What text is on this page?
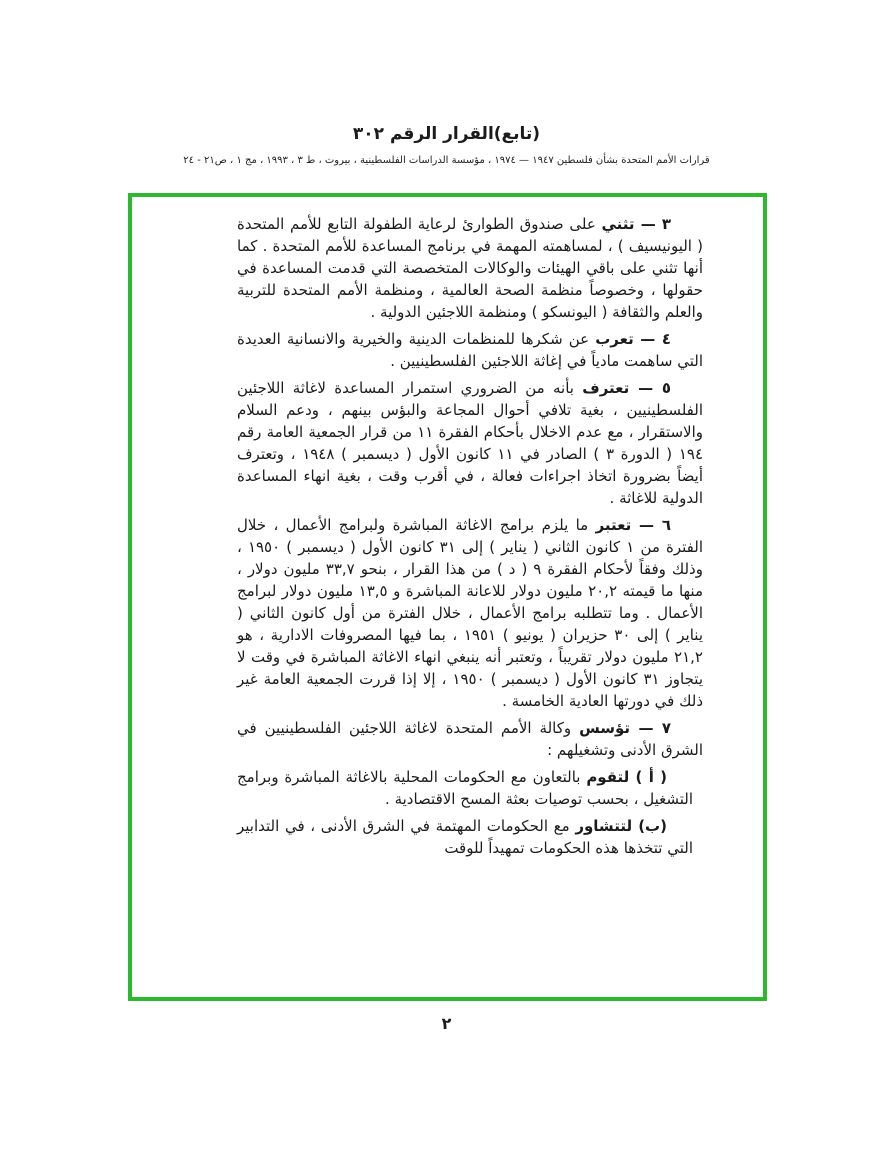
(تابع)القرار الرقم ٣٠٢
قرارات الأمم المتحدة بشأن فلسطين ١٩٤٧ — ١٩٧٤ ، مؤسسة الدراسات الفلسطينية ، بيروت ، ط ٣ ، ١٩٩٣ ، مج ١ ، ص٢١ - ٢٤

٣ — تثني على صندوق الطوارئ لرعاية الطفولة التابع للأمم المتحدة ( اليونيسيف ) ، لمساهمته المهمة في برنامج المساعدة للأمم المتحدة . كما أنها تثني على باقي الهيئات والوكالات المتخصصة التي قدمت المساعدة في حقولها ، وخصوصاً منظمة الصحة العالمية ، ومنظمة الأمم المتحدة للتربية والعلم والثقافة ( اليونسكو ) ومنظمة اللاجئين الدولية .

٤ — تعرب عن شكرها للمنظمات الدينية والخيرية والانسانية العديدة التي ساهمت مادياً في إغاثة اللاجئين الفلسطينيين .

٥ — تعترف بأنه من الضروري استمرار المساعدة لاغاثة اللاجئين الفلسطينيين ، بغية تلافي أحوال المجاعة والبؤس بينهم ، ودعم السلام والاستقرار ، مع عدم الاخلال بأحكام الفقرة ١١ من قرار الجمعية العامة رقم ١٩٤ ( الدورة ٣ ) الصادر في ١١ كانون الأول ( ديسمبر ) ١٩٤٨ ، وتعترف أيضاً بضرورة اتخاذ اجراءات فعالة ، في أقرب وقت ، بغية انهاء المساعدة الدولية للاغاثة .

٦ — تعتبر ما يلزم برامج الاغاثة المباشرة ولبرامج الأعمال ، خلال الفترة من ١ كانون الثاني ( يناير ) إلى ٣١ كانون الأول ( ديسمبر ) ١٩٥٠ ، وذلك وفقاً لأحكام الفقرة ٩ ( د ) من هذا القرار ، بنحو ٣٣,٧ مليون دولار ، منها ما قيمته ٢٠,٢ مليون دولار للاعانة المباشرة و ١٣,٥ مليون دولار لبرامج الأعمال . وما تتطلبه برامج الأعمال ، خلال الفترة من أول كانون الثاني ( يناير ) إلى ٣٠ حزيران ( يونيو ) ١٩٥١ ، بما فيها المصروفات الادارية ، هو ٢١,٢ مليون دولار تقريباً ، وتعتبر أنه ينبغي انهاء الاغاثة المباشرة في وقت لا يتجاوز ٣١ كانون الأول ( ديسمبر ) ١٩٥٠ ، إلا إذا قررت الجمعية العامة غير ذلك في دورتها العادية الخامسة .

٧ — تؤسس وكالة الأمم المتحدة لاغاثة اللاجئين الفلسطينيين في الشرق الأدنى وتشغيلهم :

( أ ) لتقوم بالتعاون مع الحكومات المحلية بالاغاثة المباشرة وبرامج التشغيل ، بحسب توصيات بعثة المسح الاقتصادية .

(ب) لتتشاور مع الحكومات المهتمة في الشرق الأدنى ، في التدابير التي تتخذها هذه الحكومات تمهيداً للوقت

٢
